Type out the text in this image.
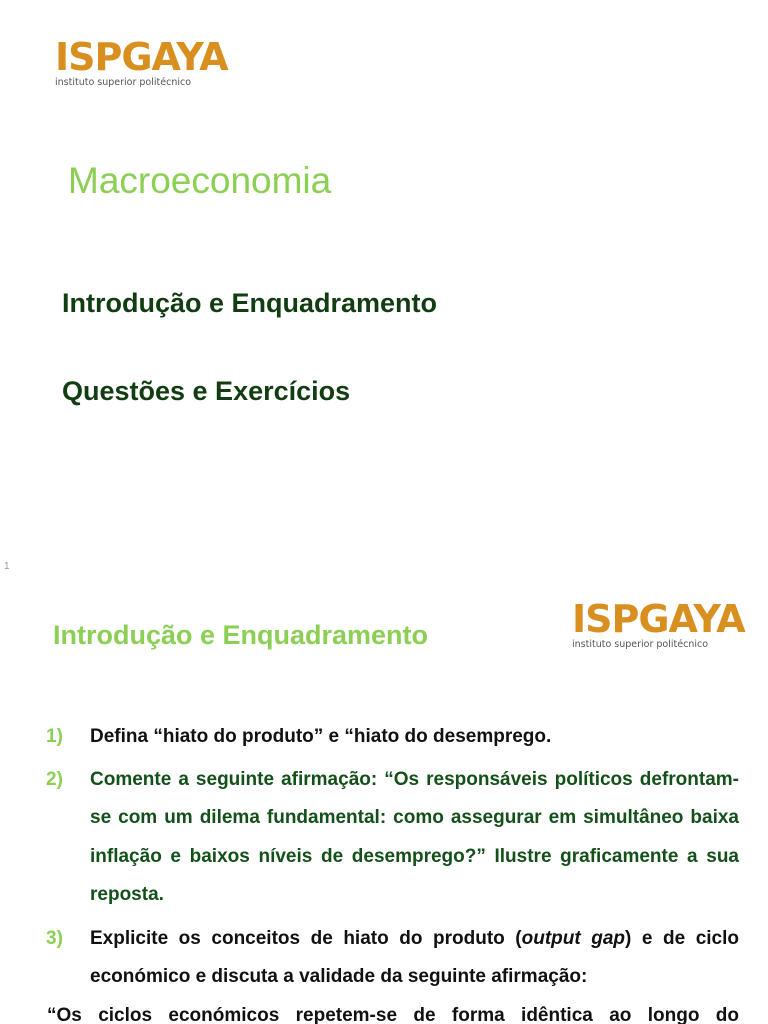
ISPGAYA
instituto superior politécnico
Macroeconomia
Introdução e Enquadramento
Questões e Exercícios
1
Introdução e Enquadramento	ISPGAYA
instituto superior politécnico
1) Defina “hiato do produto” e “hiato do desemprego.

2) Comente a seguinte afirmação: “Os responsáveis políticos defrontam-se com um dilema fundamental: como assegurar em simultâneo baixa inflação e baixos níveis de desemprego?” Ilustre graficamente a sua reposta.

3) Explicite os conceitos de hiato do produto (output gap) e de ciclo económico e discuta a validade da seguinte afirmação:

“Os ciclos económicos repetem-se de forma idêntica ao longo do
